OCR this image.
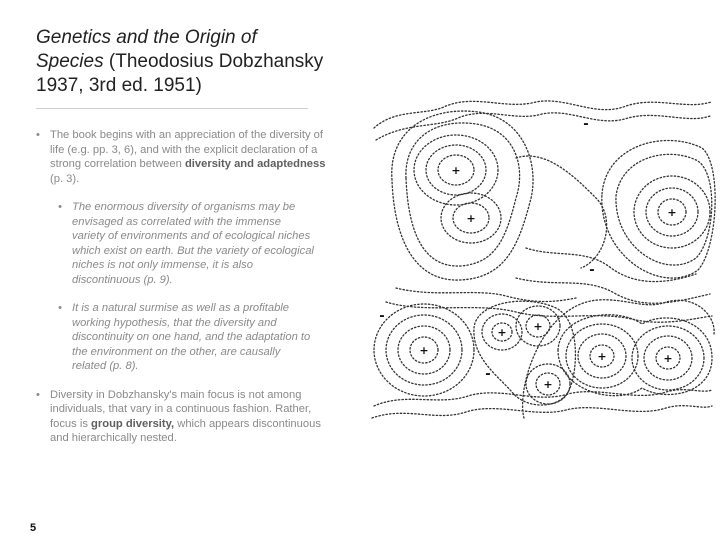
Genetics and the Origin of Species (Theodosius Dobzhansky 1937, 3rd ed. 1951)
• The book begins with an appreciation of the diversity of life (e.g. pp. 3, 6), and with the explicit declaration of a strong correlation between diversity and adaptedness (p. 3).
• The enormous diversity of organisms may be envisaged as correlated with the immense variety of environments and of ecological niches which exist on earth. But the variety of ecological niches is not only immense, it is also discontinuous (p. 9).
• It is a natural surmise as well as a profitable working hypothesis, that the diversity and discontinuity on one hand, and the adaptation to the environment on the other, are causally related (p. 8).
• Diversity in Dobzhansky's main focus is not among individuals, that vary in a continuous fashion. Rather, focus is group diversity, which appears discontinuous and hierarchically nested.
5
+
+	+
+
+ +
+
+	+
-
-
-
-
